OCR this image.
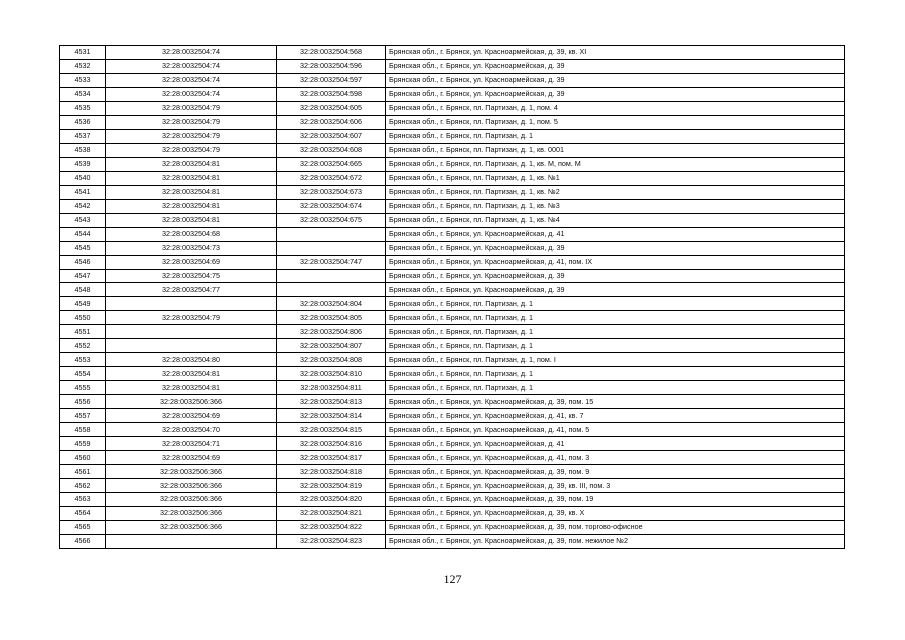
4531	32:28:0032504:74	32:28:0032504:568	Брянская обл., г. Брянск, ул. Красноармейская, д. 39, кв. XI
4532	32:28:0032504:74	32:28:0032504:596	Брянская обл., г. Брянск, ул. Красноармейская, д. 39
4533	32:28:0032504:74	32:28:0032504:597	Брянская обл., г. Брянск, ул. Красноармейская, д. 39
4534	32:28:0032504:74	32:28:0032504:598	Брянская обл., г. Брянск, ул. Красноармейская, д. 39
4535	32:28:0032504:79	32:28:0032504:605	Брянская обл., г. Брянск, пл. Партизан, д. 1, пом. 4
4536	32:28:0032504:79	32:28:0032504:606	Брянская обл., г. Брянск, пл. Партизан, д. 1, пом. 5
4537	32:28:0032504:79	32:28:0032504:607	Брянская обл., г. Брянск, пл. Партизан, д. 1
4538	32:28:0032504:79	32:28:0032504:608	Брянская обл., г. Брянск, пл. Партизан, д. 1, кв. 0001
4539	32:28:0032504:81	32:28:0032504:665	Брянская обл., г. Брянск, пл. Партизан, д. 1, кв. М, пом. М
4540	32:28:0032504:81	32:28:0032504:672	Брянская обл., г. Брянск, пл. Партизан, д. 1, кв. №1
4541	32:28:0032504:81	32:28:0032504:673	Брянская обл., г. Брянск, пл. Партизан, д. 1, кв. №2
4542	32:28:0032504:81	32:28:0032504:674	Брянская обл., г. Брянск, пл. Партизан, д. 1, кв. №3
4543	32:28:0032504:81	32:28:0032504:675	Брянская обл., г. Брянск, пл. Партизан, д. 1, кв. №4
4544	32:28:0032504:68		Брянская обл., г. Брянск, ул. Красноармейская, д. 41
4545	32:28:0032504:73		Брянская обл., г. Брянск, ул. Красноармейская, д. 39
4546	32:28:0032504:69	32:28:0032504:747	Брянская обл., г. Брянск, ул. Красноармейская, д. 41, пом. IX
4547	32:28:0032504:75		Брянская обл., г. Брянск, ул. Красноармейская, д. 39
4548	32:28:0032504:77		Брянская обл., г. Брянск, ул. Красноармейская, д. 39
4549		32:28:0032504:804	Брянская обл., г. Брянск, пл. Партизан, д. 1
4550	32:28:0032504:79	32:28:0032504:805	Брянская обл., г. Брянск, пл. Партизан, д. 1
4551		32:28:0032504:806	Брянская обл., г. Брянск, пл. Партизан, д. 1
4552		32:28:0032504:807	Брянская обл., г. Брянск, пл. Партизан, д. 1
4553	32:28:0032504:80	32:28:0032504:808	Брянская обл., г. Брянск, пл. Партизан, д. 1, пом. I
4554	32:28:0032504:81	32:28:0032504:810	Брянская обл., г. Брянск, пл. Партизан, д. 1
4555	32:28:0032504:81	32:28:0032504:811	Брянская обл., г. Брянск, пл. Партизан, д. 1
4556	32:28:0032506:366	32:28:0032504:813	Брянская обл., г. Брянск, ул. Красноармейская, д. 39, пом. 15
4557	32:28:0032504:69	32:28:0032504:814	Брянская обл., г. Брянск, ул. Красноармейская, д. 41, кв. 7
4558	32:28:0032504:70	32:28:0032504:815	Брянская обл., г. Брянск, ул. Красноармейская, д. 41, пом. 5
4559	32:28:0032504:71	32:28:0032504:816	Брянская обл., г. Брянск, ул. Красноармейская, д. 41
4560	32:28:0032504:69	32:28:0032504:817	Брянская обл., г. Брянск, ул. Красноармейская, д. 41, пом. 3
4561	32:28:0032506:366	32:28:0032504:818	Брянская обл., г. Брянск, ул. Красноармейская, д. 39, пом. 9
4562	32:28:0032506:366	32:28:0032504:819	Брянская обл., г. Брянск, ул. Красноармейская, д. 39, кв. III, пом. 3
4563	32:28:0032506:366	32:28:0032504:820	Брянская обл., г. Брянск, ул. Красноармейская, д. 39, пом. 19
4564	32:28:0032506:366	32:28:0032504:821	Брянская обл., г. Брянск, ул. Красноармейская, д. 39, кв. X
4565	32:28:0032506:366	32:28:0032504:822	Брянская обл., г. Брянск, ул. Красноармейская, д. 39, пом. торгово-офисное
4566		32:28:0032504:823	Брянская обл., г. Брянск, ул. Красноармейская, д. 39, пом. нежилое №2
127
